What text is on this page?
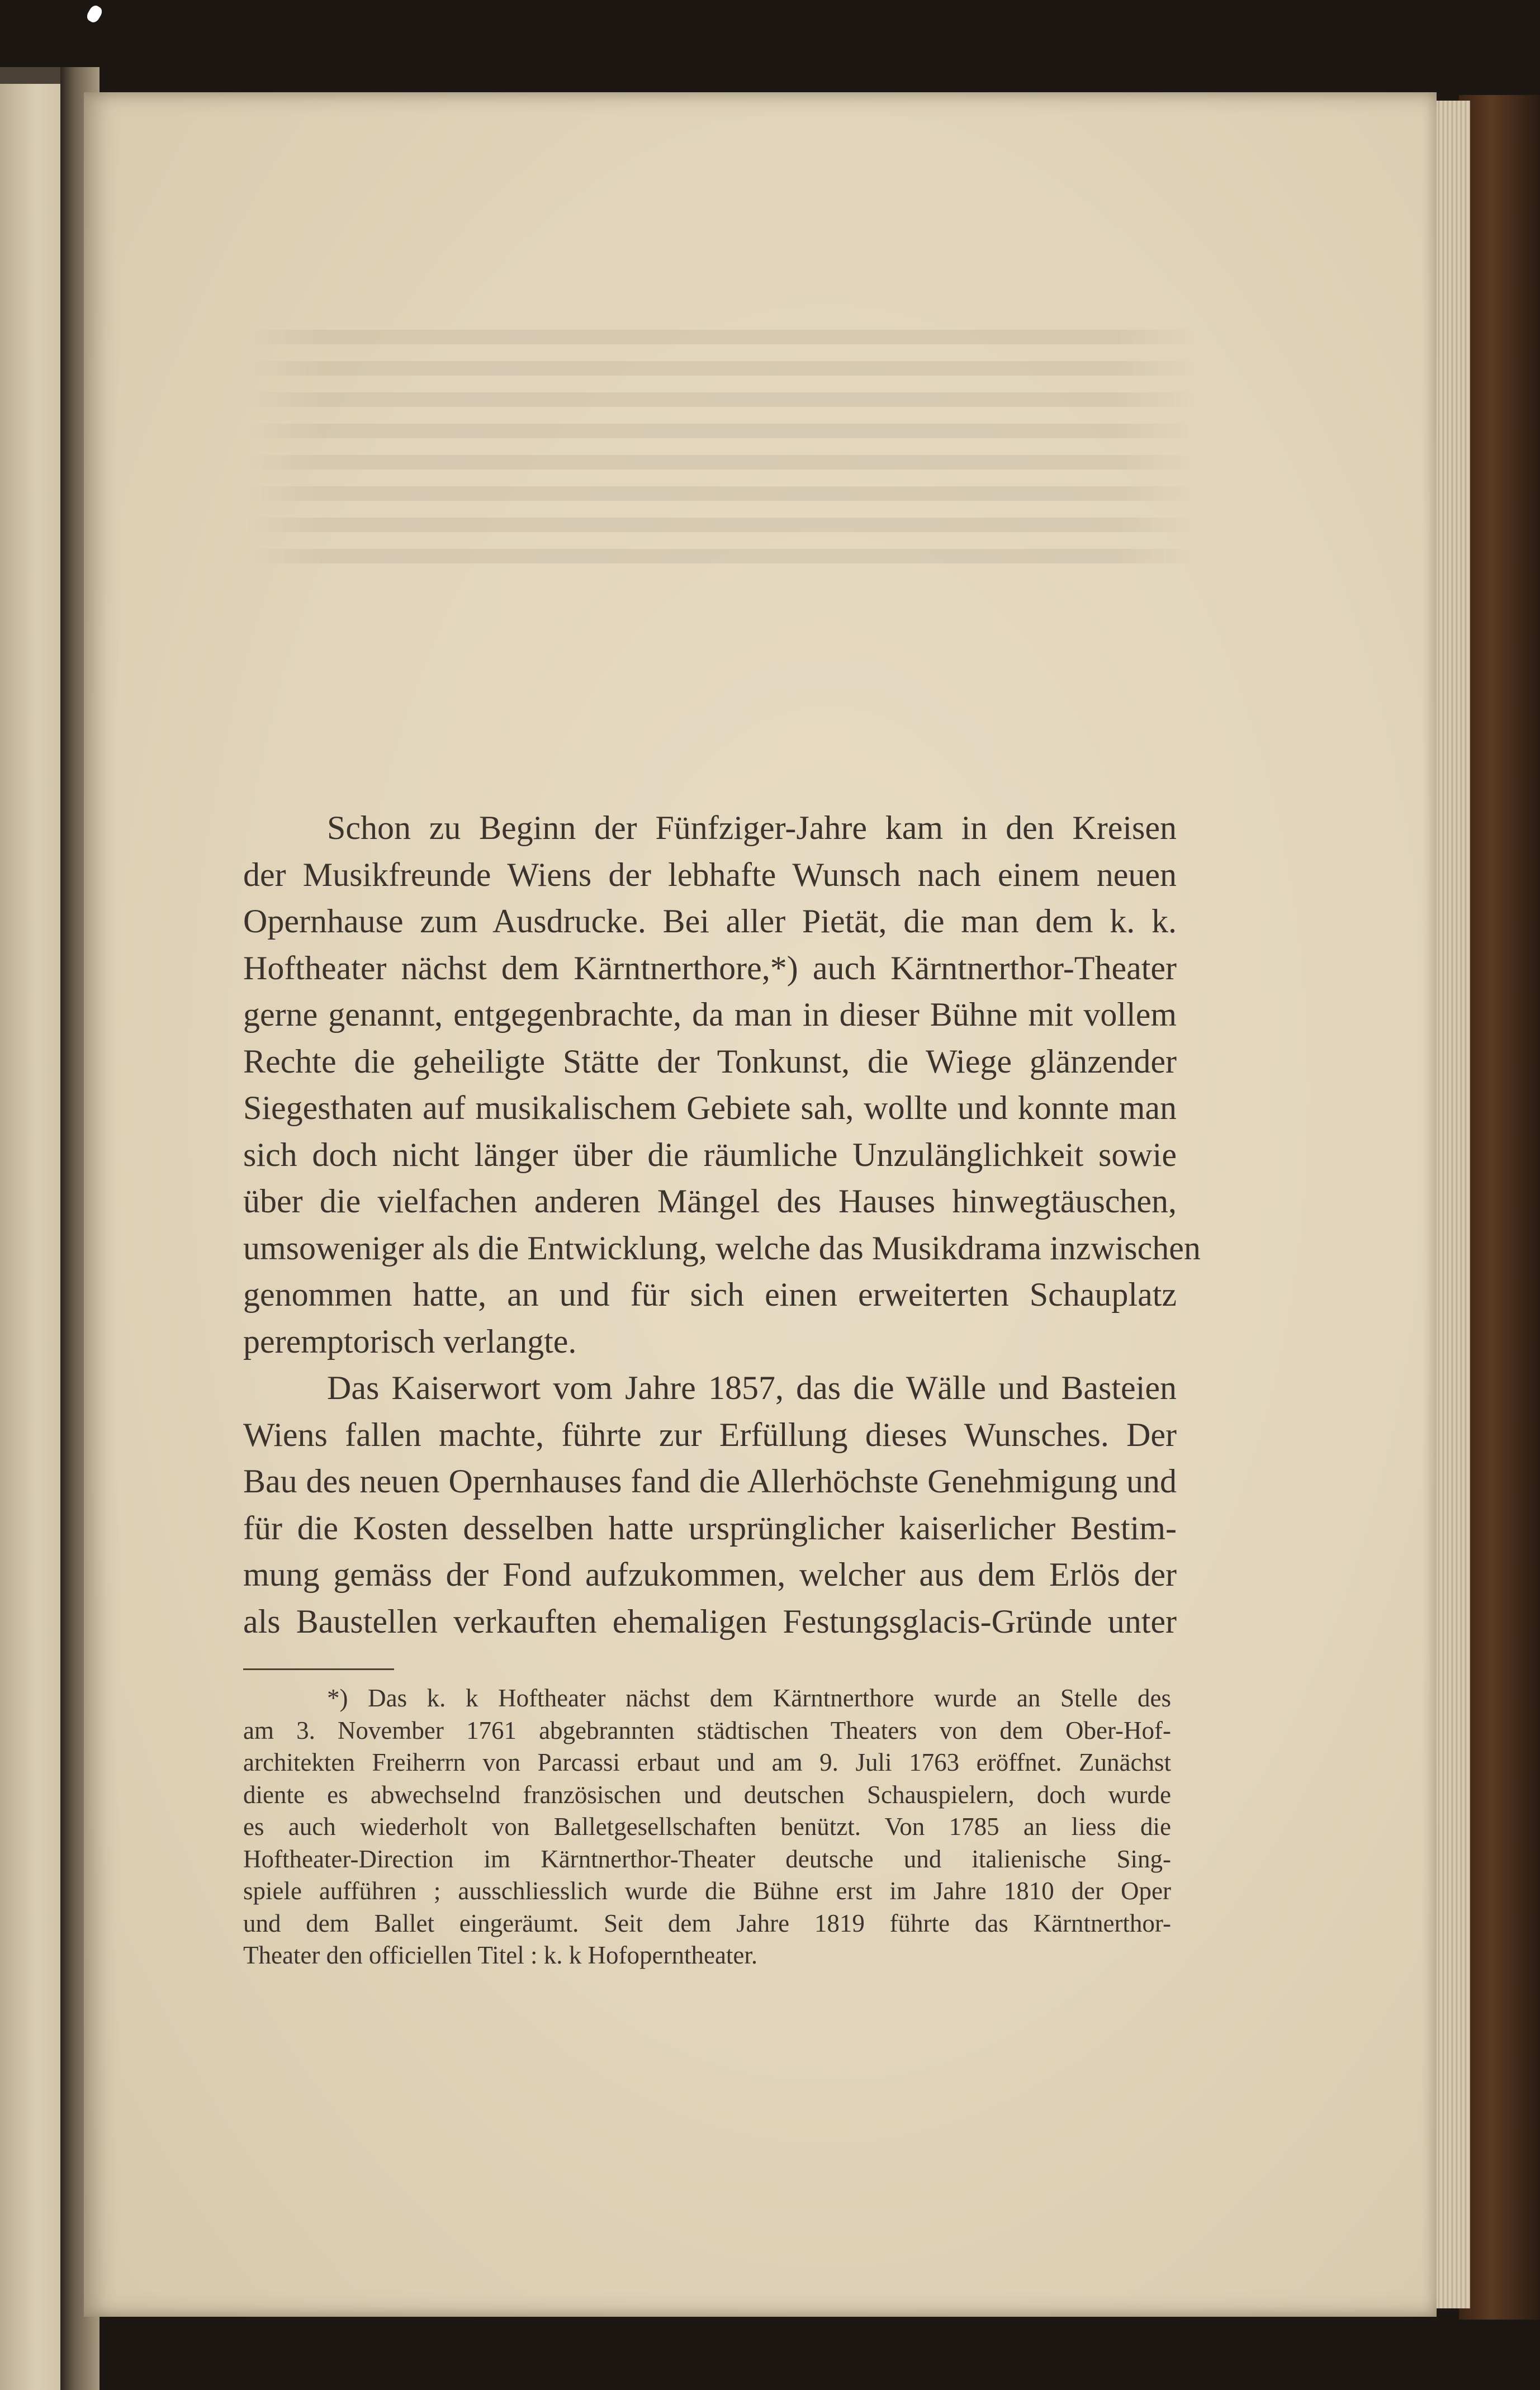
Schon zu Beginn der Fünfziger-Jahre kam in den Kreisen
der Musikfreunde Wiens der lebhafte Wunsch nach einem neuen
Opernhause zum Ausdrucke. Bei aller Pietät, die man dem k. k.
Hoftheater nächst dem Kärntnerthore,*) auch Kärntnerthor-Theater
gerne genannt, entgegenbrachte, da man in dieser Bühne mit vollem
Rechte die geheiligte Stätte der Tonkunst, die Wiege glänzender
Siegesthaten auf musikalischem Gebiete sah, wollte und konnte man
sich doch nicht länger über die räumliche Unzulänglichkeit sowie
über die vielfachen anderen Mängel des Hauses hinwegtäuschen,
umsoweniger als die Entwicklung, welche das Musikdrama inzwischen
genommen hatte, an und für sich einen erweiterten Schauplatz
peremptorisch verlangte.

Das Kaiserwort vom Jahre 1857, das die Wälle und Basteien
Wiens fallen machte, führte zur Erfüllung dieses Wunsches. Der
Bau des neuen Opernhauses fand die Allerhöchste Genehmigung und
für die Kosten desselben hatte ursprünglicher kaiserlicher Bestim-
mung gemäss der Fond aufzukommen, welcher aus dem Erlös der
als Baustellen verkauften ehemaligen Festungsglacis-Gründe unter

*) Das k. k Hoftheater nächst dem Kärntnerthore wurde an Stelle des
am 3. November 1761 abgebrannten städtischen Theaters von dem Ober-Hof-
architekten Freiherrn von Parcassi erbaut und am 9. Juli 1763 eröffnet. Zunächst
diente es abwechselnd französischen und deutschen Schauspielern, doch wurde
es auch wiederholt von Balletgesellschaften benützt. Von 1785 an liess die
Hoftheater-Direction im Kärntnerthor-Theater deutsche und italienische Sing-
spiele aufführen ; ausschliesslich wurde die Bühne erst im Jahre 1810 der Oper
und dem Ballet eingeräumt. Seit dem Jahre 1819 führte das Kärntnerthor-
Theater den officiellen Titel : k. k Hofoperntheater.
